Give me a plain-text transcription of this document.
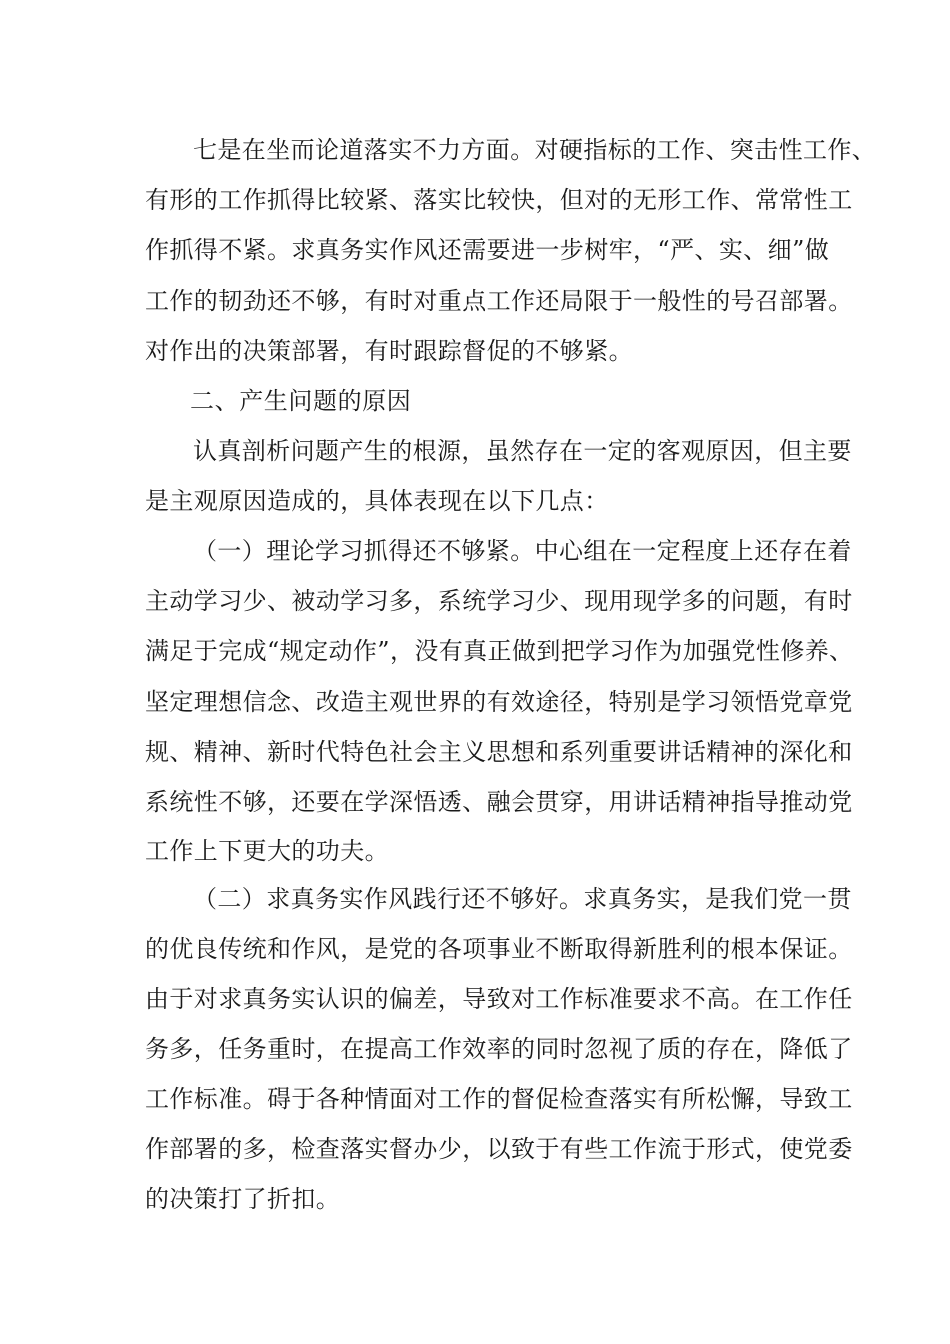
七是在坐而论道落实不力方面。对硬指标的工作、突击性工作、
有形的工作抓得比较紧、落实比较快，但对的无形工作、常常性工
作抓得不紧。求真务实作风还需要进一步树牢，“严、实、细”做
工作的韧劲还不够，有时对重点工作还局限于一般性的号召部署。
对作出的决策部署，有时跟踪督促的不够紧。
二、产生问题的原因
认真剖析问题产生的根源，虽然存在一定的客观原因，但主要
是主观原因造成的，具体表现在以下几点：
（一）理论学习抓得还不够紧。中心组在一定程度上还存在着
主动学习少、被动学习多，系统学习少、现用现学多的问题，有时
满足于完成“规定动作”，没有真正做到把学习作为加强党性修养、
坚定理想信念、改造主观世界的有效途径，特别是学习领悟党章党
规、精神、新时代特色社会主义思想和系列重要讲话精神的深化和
系统性不够，还要在学深悟透、融会贯穿，用讲话精神指导推动党
工作上下更大的功夫。
（二）求真务实作风践行还不够好。求真务实，是我们党一贯
的优良传统和作风，是党的各项事业不断取得新胜利的根本保证。
由于对求真务实认识的偏差，导致对工作标准要求不高。在工作任
务多，任务重时，在提高工作效率的同时忽视了质的存在，降低了
工作标准。碍于各种情面对工作的督促检查落实有所松懈，导致工
作部署的多，检查落实督办少，以致于有些工作流于形式，使党委
的决策打了折扣。
